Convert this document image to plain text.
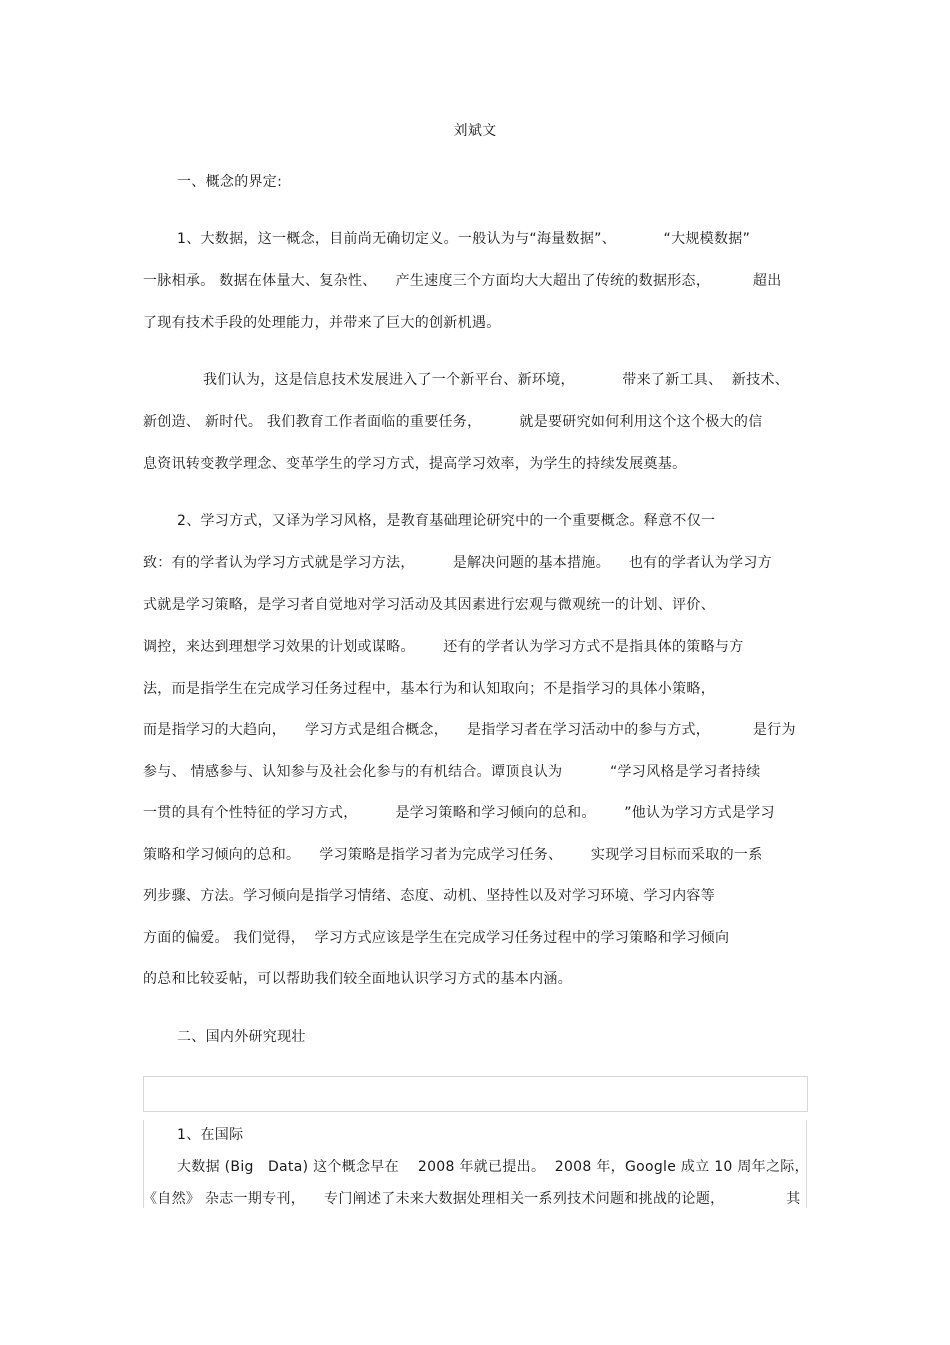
刘斌文
一、概念的界定:
1、大数据，这一概念，目前尚无确切定义。一般认为与“海量数据”、          “大规模数据”
一脉相承。 数据在体量大、复杂性、    产生速度三个方面均大大超出了传统的数据形态，         超出
了现有技术手段的处理能力，并带来了巨大的创新机遇。
我们认为，这是信息技术发展进入了一个新平台、新环境，          带来了新工具、  新技术、
新创造、 新时代。 我们教育工作者面临的重要任务，        就是要研究如何利用这个这个极大的信
息资讯转变教学理念、变革学生的学习方式，提高学习效率，为学生的持续发展奠基。
2、学习方式，又译为学习风格，是教育基础理论研究中的一个重要概念。释意不仅一
致：有的学者认为学习方式就是学习方法，        是解决问题的基本措施。    也有的学者认为学习方
式就是学习策略，是学习者自觉地对学习活动及其因素进行宏观与微观统一的计划、评价、
调控，来达到理想学习效果的计划或谋略。      还有的学者认为学习方式不是指具体的策略与方
法，而是指学生在完成学习任务过程中，基本行为和认知取向；不是指学习的具体小策略，
而是指学习的大趋向，    学习方式是组合概念，    是指学习者在学习活动中的参与方式，         是行为
参与、 情感参与、认知参与及社会化参与的有机结合。谭顶良认为          “学习风格是学习者持续
一贯的具有个性特征的学习方式，        是学习策略和学习倾向的总和。      ”他认为学习方式是学习
策略和学习倾向的总和。    学习策略是指学习者为完成学习任务、      实现学习目标而采取的一系
列步骤、方法。学习倾向是指学习情绪、态度、动机、坚持性以及对学习环境、学习内容等
方面的偏爱。 我们觉得，  学习方式应该是学生在完成学习任务过程中的学习策略和学习倾向
的总和比较妥帖，可以帮助我们较全面地认识学习方式的基本内涵。
二、国内外研究现壮
1、在国际
大数据 (Big   Data) 这个概念早在    2008 年就已提出。  2008 年，Google 成立 10 周年之际，
《自然》 杂志一期专刊，    专门阐述了未来大数据处理相关一系列技术问题和挑战的论题，             其
